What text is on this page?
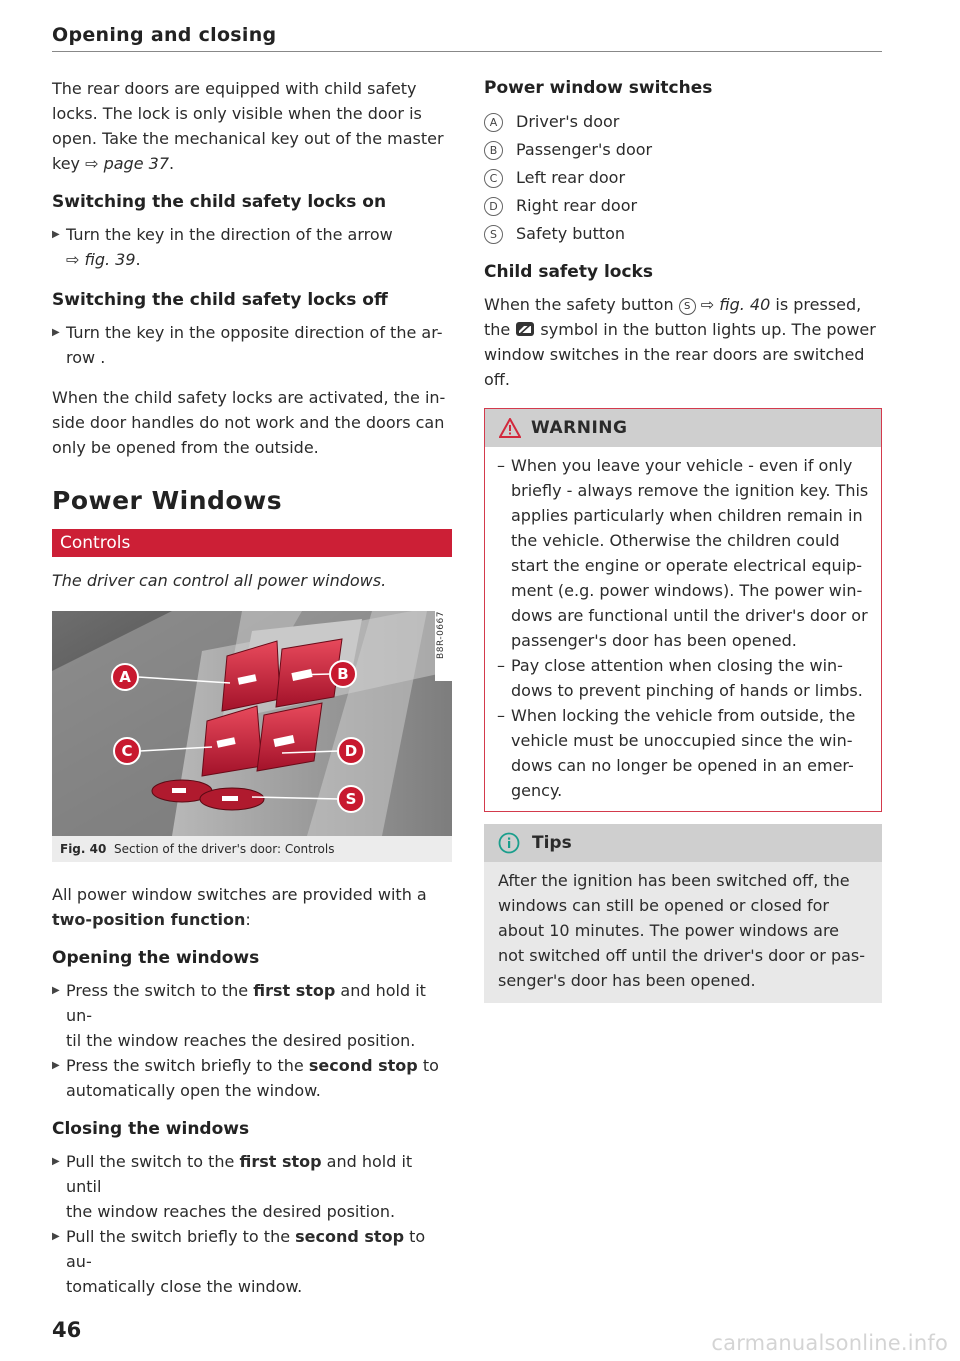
Opening and closing

The rear doors are equipped with child safety
locks. The lock is only visible when the door is
open. Take the mechanical key out of the master
key ⇨ page 37.

Switching the child safety locks on
▶ Turn the key in the direction of the arrow
⇨ fig. 39.
Switching the child safety locks off
▶ Turn the key in the opposite direction of the ar-
row .

When the child safety locks are activated, the in-
side door handles do not work and the doors can
only be opened from the outside.

Power Windows
Controls

The driver can control all power windows.

A	B
C	D
S
B8R-0667
Fig. 40 Section of the driver's door: Controls

All power window switches are provided with a
two-position function:

Opening the windows
▶ Press the switch to the first stop and hold it un-
til the window reaches the desired position.
▶ Press the switch briefly to the second stop to
automatically open the window.
Closing the windows
▶ Pull the switch to the first stop and hold it until
the window reaches the desired position.
▶ Pull the switch briefly to the second stop to au-
tomatically close the window.
Power window switches
A	Driver's door
B	Passenger's door
C	Left rear door
D	Right rear door
S	Safety button
Child safety locks

When the safety button S ⇨ fig. 40 is pressed,
the  symbol in the button lights up. The power
window switches in the rear doors are switched
off.

WARNING
– When you leave your vehicle - even if only
briefly - always remove the ignition key. This
applies particularly when children remain in
the vehicle. Otherwise the children could
start the engine or operate electrical equip-
ment (e.g. power windows). The power win-
dows are functional until the driver's door or
passenger's door has been opened.
– Pay close attention when closing the win-
dows to prevent pinching of hands or limbs.
– When locking the vehicle from outside, the
vehicle must be unoccupied since the win-
dows can no longer be opened in an emer-
gency.
Tips

After the ignition has been switched off, the
windows can still be opened or closed for
about 10 minutes. The power windows are
not switched off until the driver's door or pas-
senger's door has been opened.

46
carmanualsonline.info
